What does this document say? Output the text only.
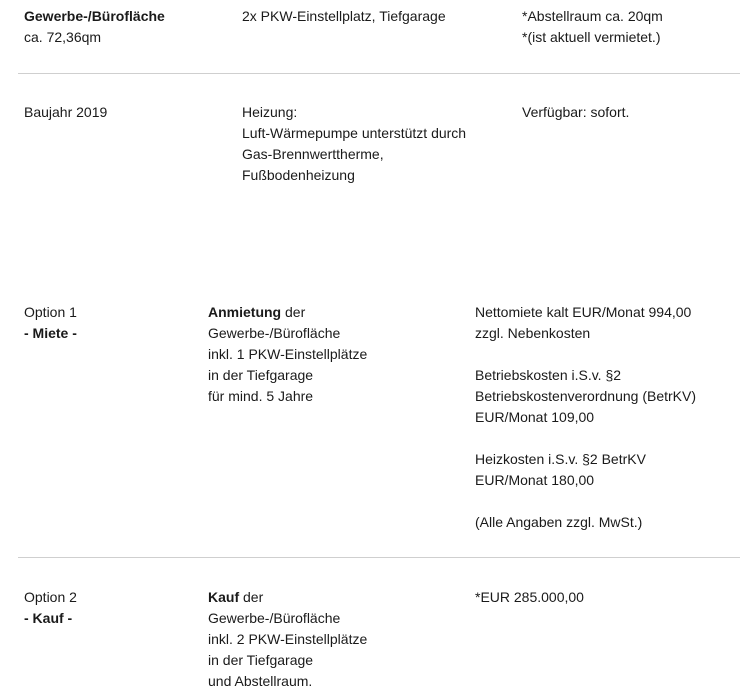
Gewerbe-/Bürofläche
ca. 72,36qm
2x PKW-Einstellplatz, Tiefgarage	*Abstellraum ca. 20qm
*(ist aktuell vermietet.)
Baujahr 2019	Heizung:
Luft-Wärmepumpe unterstützt durch
Gas-Brennwerttherme,
Fußbodenheizung
Verfügbar: sofort.
Option 1
- Miete -
Anmietung der
Gewerbe-/Bürofläche
inkl. 1 PKW-Einstellplätze
in der Tiefgarage
für mind. 5 Jahre
Nettomiete kalt EUR/Monat 994,00
zzgl. Nebenkosten
Betriebskosten i.S.v. §2
Betriebskostenverordnung (BetrKV)
EUR/Monat 109,00
Heizkosten i.S.v. §2 BetrKV
EUR/Monat 180,00
(Alle Angaben zzgl. MwSt.)
Option 2
- Kauf -
Kauf der
Gewerbe-/Bürofläche
inkl. 2 PKW-Einstellplätze
in der Tiefgarage
und Abstellraum.
*EUR 285.000,00
